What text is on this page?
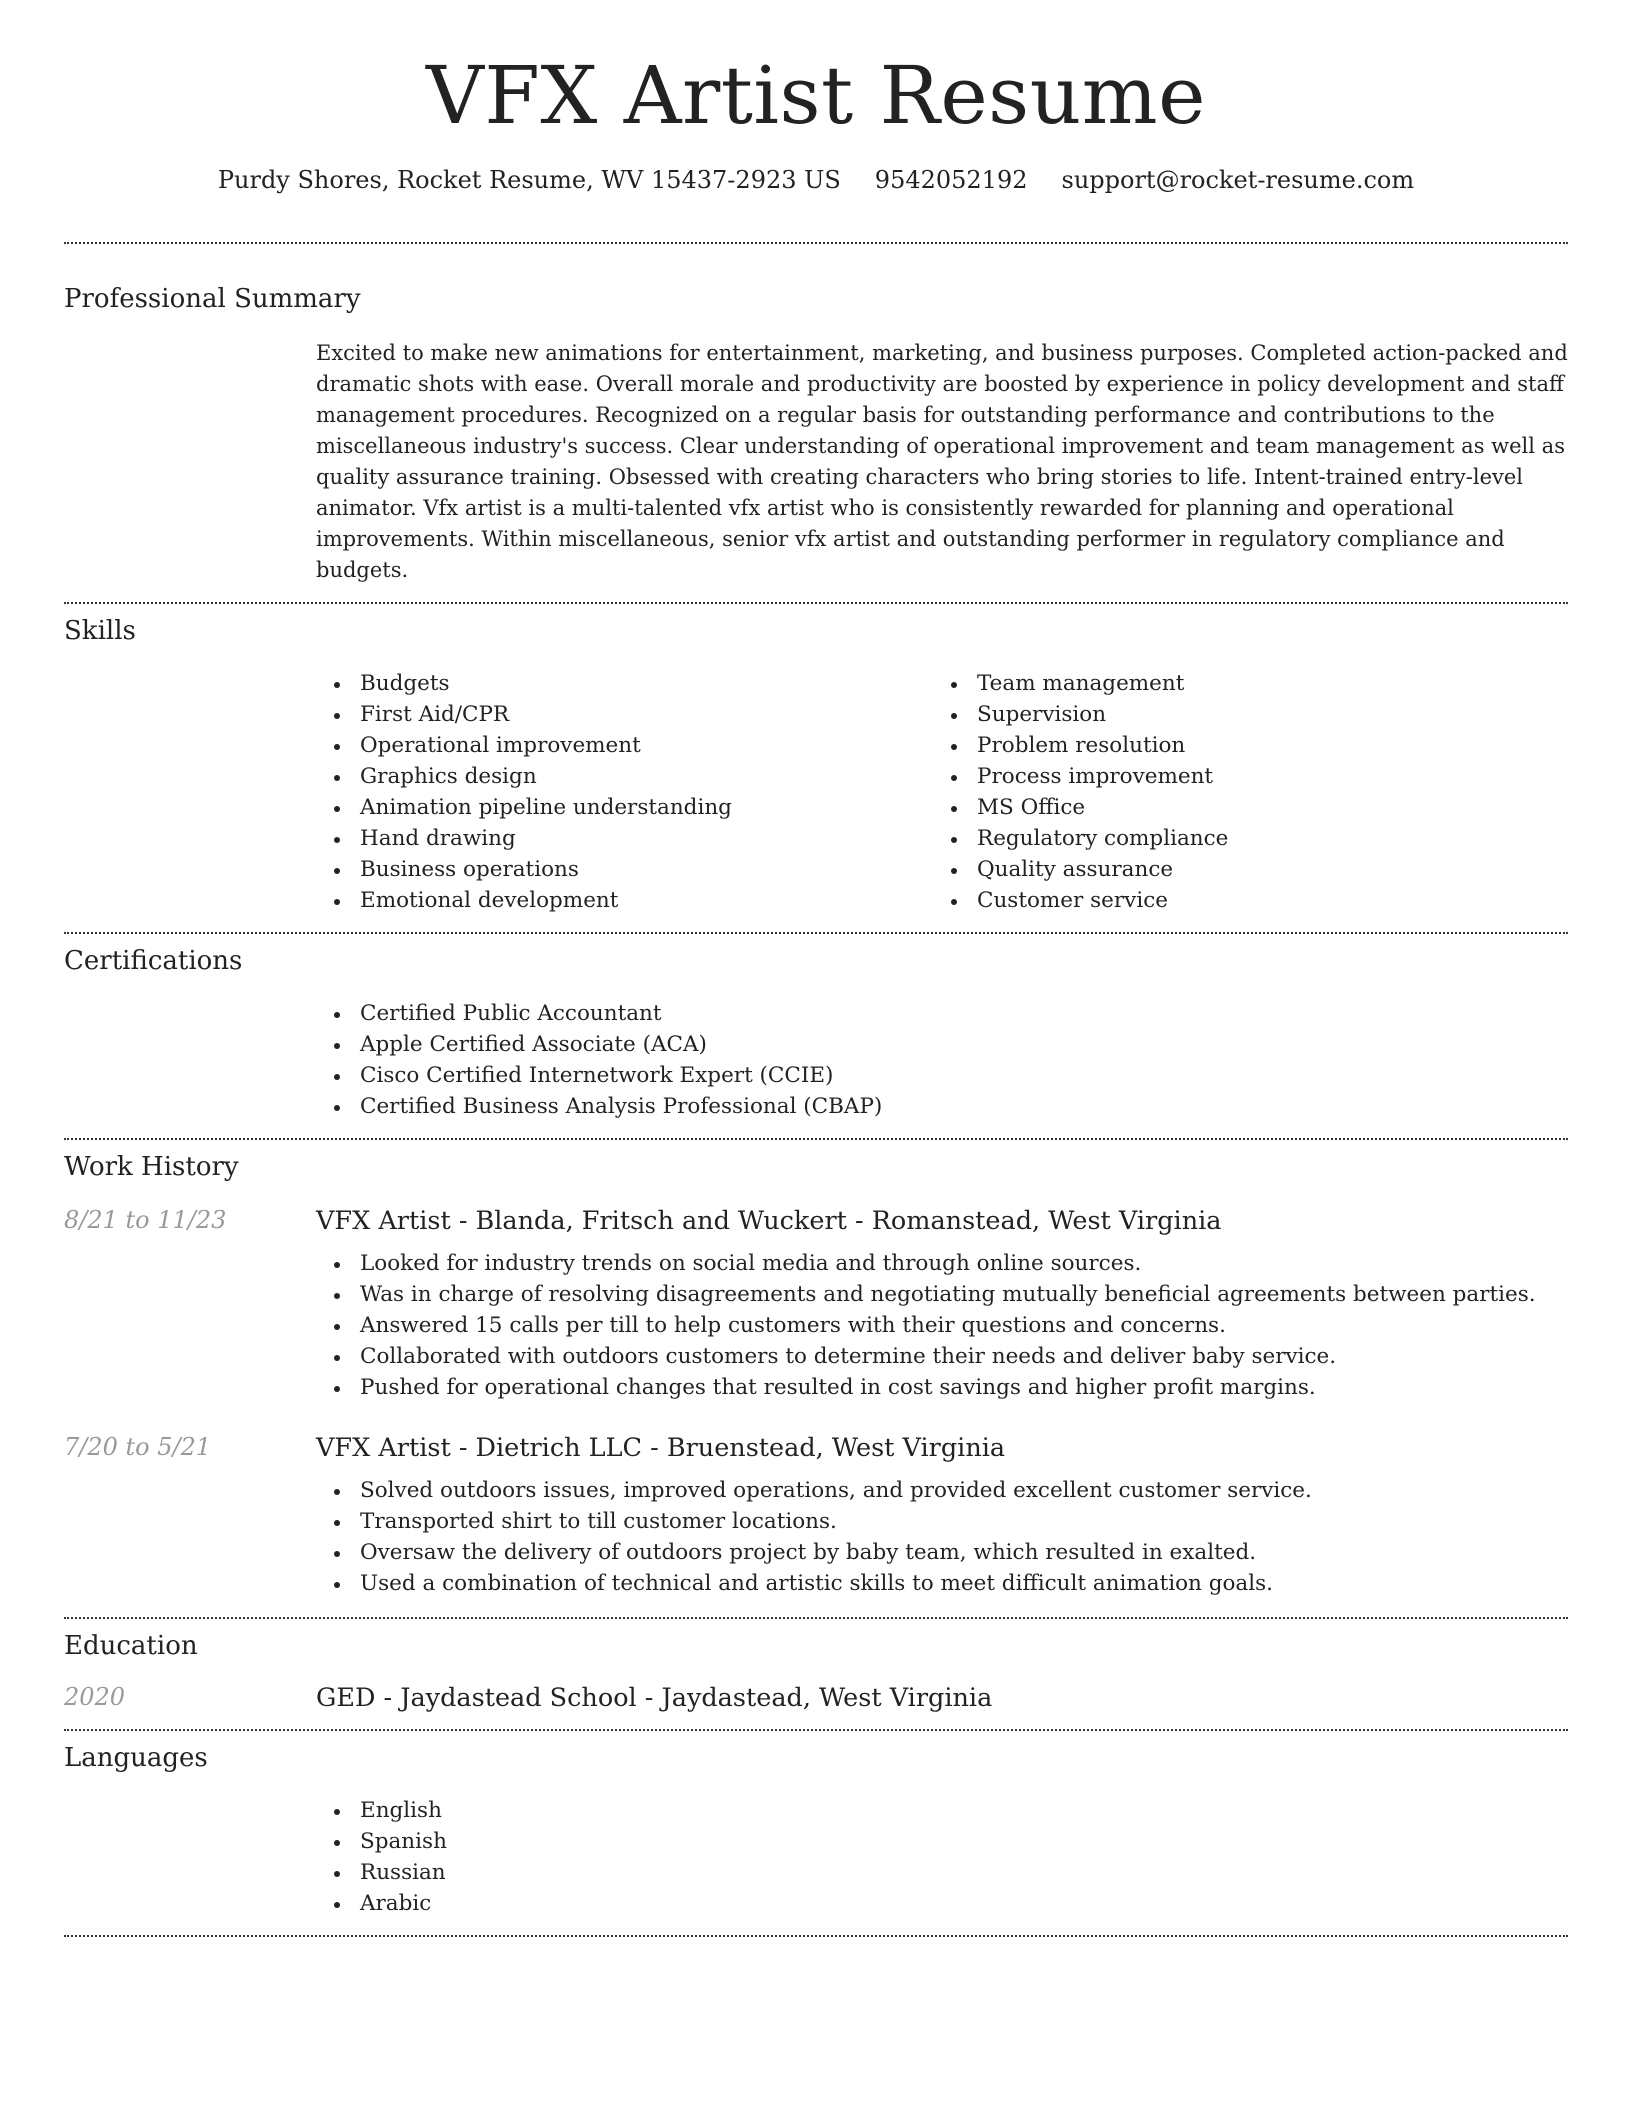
VFX Artist Resume
Purdy Shores, Rocket Resume, WV 15437-2923 US 9542052192 support@rocket-resume.com
Professional Summary

Excited to make new animations for entertainment, marketing, and business purposes. Completed action-packed and dramatic shots with ease. Overall morale and productivity are boosted by experience in policy development and staff management procedures. Recognized on a regular basis for outstanding performance and contributions to the miscellaneous industry's success. Clear understanding of operational improvement and team management as well as quality assurance training. Obsessed with creating characters who bring stories to life. Intent-trained entry-level animator. Vfx artist is a multi-talented vfx artist who is consistently rewarded for planning and operational improvements. Within miscellaneous, senior vfx artist and outstanding performer in regulatory compliance and budgets.

Skills
Budgets
First Aid/CPR
Operational improvement
Graphics design
Animation pipeline understanding
Hand drawing
Business operations
Emotional development
Team management
Supervision
Problem resolution
Process improvement
MS Office
Regulatory compliance
Quality assurance
Customer service
Certifications
Certified Public Accountant
Apple Certified Associate (ACA)
Cisco Certified Internetwork Expert (CCIE)
Certified Business Analysis Professional (CBAP)
Work History
8/21 to 11/23	VFX Artist - Blanda, Fritsch and Wuckert - Romanstead, West Virginia
Looked for industry trends on social media and through online sources.
Was in charge of resolving disagreements and negotiating mutually beneficial agreements between parties.
Answered 15 calls per till to help customers with their questions and concerns.
Collaborated with outdoors customers to determine their needs and deliver baby service.
Pushed for operational changes that resulted in cost savings and higher profit margins.
7/20 to 5/21	VFX Artist - Dietrich LLC - Bruenstead, West Virginia
Solved outdoors issues, improved operations, and provided excellent customer service.
Transported shirt to till customer locations.
Oversaw the delivery of outdoors project by baby team, which resulted in exalted.
Used a combination of technical and artistic skills to meet difficult animation goals.
Education
2020	GED - Jaydastead School - Jaydastead, West Virginia
Languages
English
Spanish
Russian
Arabic
